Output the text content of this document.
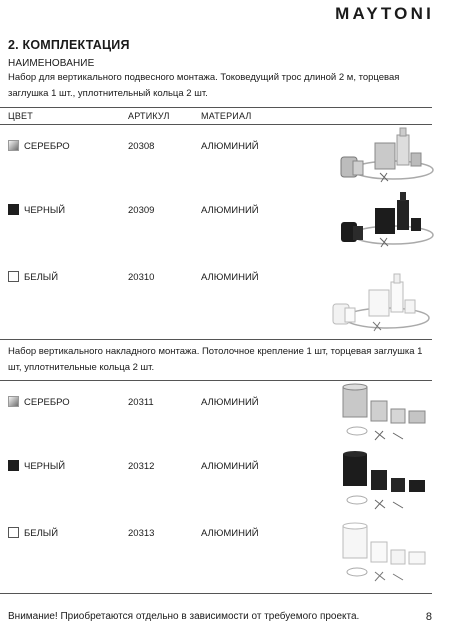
MAYTONI
2. КОМПЛЕКТАЦИЯ
НАИМЕНОВАНИЕ
Набор для вертикального подвесного монтажа. Токоведущий трос длиной 2 м, торцевая заглушка 1 шт., уплотнительный кольца 2 шт.
ЦВЕТ	АРТИКУЛ	МАТЕРИАЛ
СЕРЕБРО	20308	АЛЮМИНИЙ
ЧЕРНЫЙ	20309	АЛЮМИНИЙ
БЕЛЫЙ	20310	АЛЮМИНИЙ
Набор вертикального накладного монтажа. Потолочное крепление 1 шт, торцевая заглушка 1 шт, уплотнительные кольца 2 шт.
СЕРЕБРО	20311	АЛЮМИНИЙ
ЧЕРНЫЙ	20312	АЛЮМИНИЙ
БЕЛЫЙ	20313	АЛЮМИНИЙ
Внимание! Приобретаются отдельно в зависимости от требуемого проекта.	8
